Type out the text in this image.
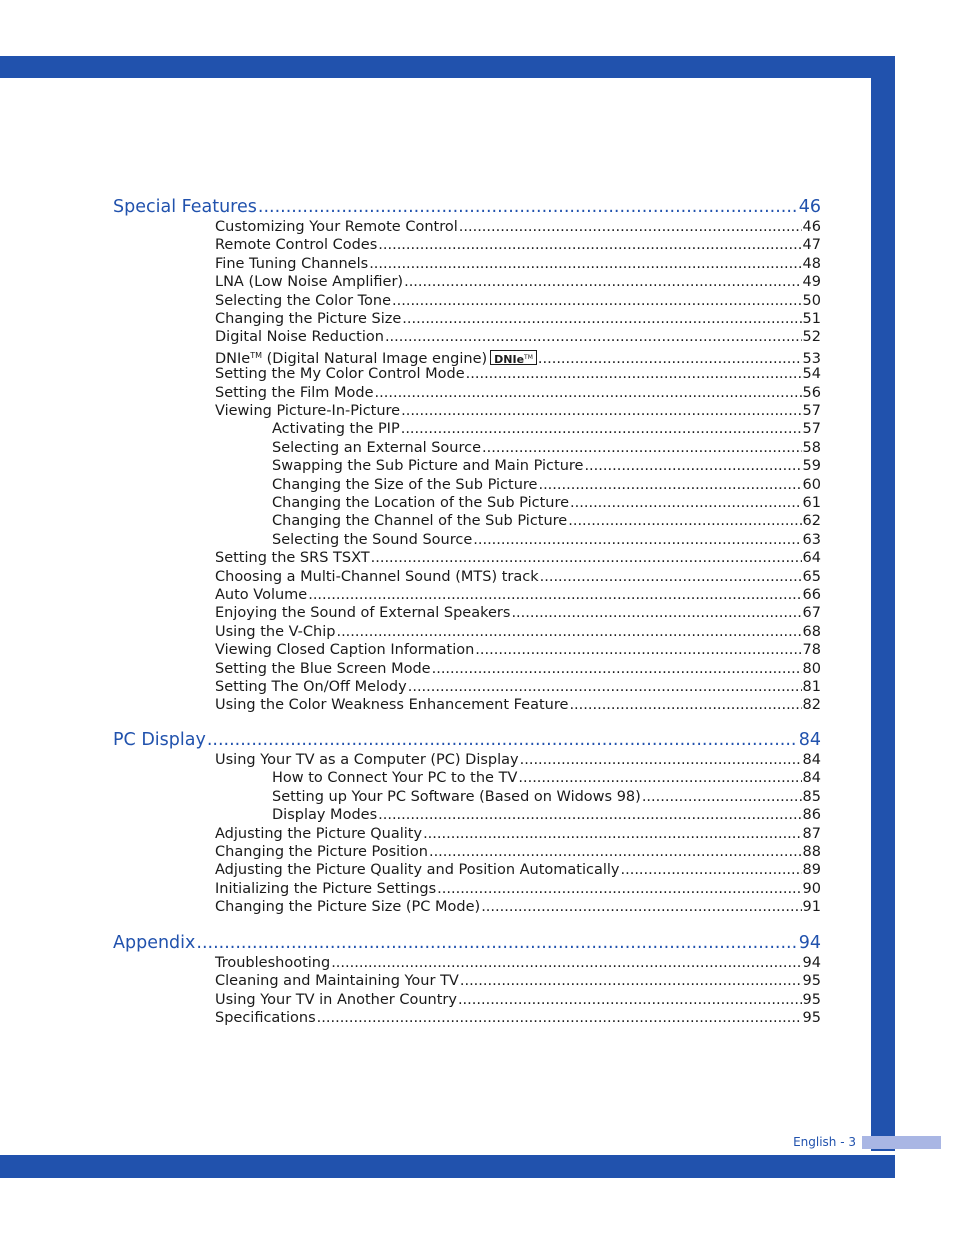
English - 3
Special Features .....	46
Customizing Your Remote Control .....	46
Remote Control Codes .....	47
Fine Tuning Channels .....	48
LNA (Low Noise Amplifier) .....	49
Selecting the Color Tone .....	50
Changing the Picture Size .....	51
Digital Noise Reduction .....	52
DNIe™ (Digital Natural Image engine) DNIe™ .....	53
Setting the My Color Control Mode .....	54
Setting the Film Mode .....	56
Viewing Picture-In-Picture .....	57
Activating the PIP .....	57
Selecting an External Source .....	58
Swapping the Sub Picture and Main Picture .....	59
Changing the Size of the Sub Picture .....	60
Changing the Location of the Sub Picture .....	61
Changing the Channel of the Sub Picture .....	62
Selecting the Sound Source .....	63
Setting the SRS TSXT .....	64
Choosing a Multi-Channel Sound (MTS) track .....	65
Auto Volume .....	66
Enjoying the Sound of External Speakers .....	67
Using the V-Chip .....	68
Viewing Closed Caption Information .....	78
Setting the Blue Screen Mode .....	80
Setting The On/Off Melody .....	81
Using the Color Weakness Enhancement Feature .....	82
PC Display .....	84
Using Your TV as a Computer (PC) Display .....	84
How to Connect Your PC to the TV .....	84
Setting up Your PC Software (Based on Widows 98) .....	85
Display Modes .....	86
Adjusting the Picture Quality .....	87
Changing the Picture Position .....	88
Adjusting the Picture Quality and Position Automatically .....	89
Initializing the Picture Settings .....	90
Changing the Picture Size (PC Mode) .....	91
Appendix .....	94
Troubleshooting .....	94
Cleaning and Maintaining Your TV .....	95
Using Your TV in Another Country .....	95
Specifications .....	95
